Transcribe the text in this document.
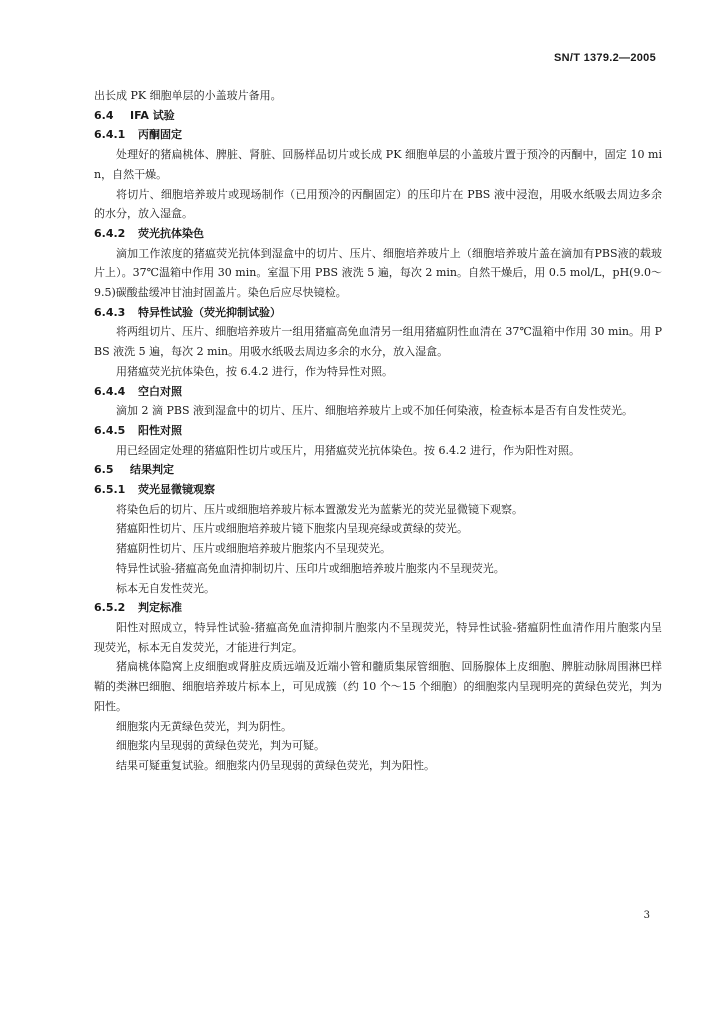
SN/T 1379.2—2005

出长成 PK 细胞单层的小盖玻片备用。

6.4 IFA 试验
6.4.1 丙酮固定

处理好的猪扁桃体、脾脏、肾脏、回肠样品切片或长成 PK 细胞单层的小盖玻片置于预冷的丙酮中，固定 10 min，自然干燥。

将切片、细胞培养玻片或现场制作（已用预冷的丙酮固定）的压印片在 PBS 液中浸泡，用吸水纸吸去周边多余的水分，放入湿盒。

6.4.2 荧光抗体染色

滴加工作浓度的猪瘟荧光抗体到湿盒中的切片、压片、细胞培养玻片上（细胞培养玻片盖在滴加有PBS液的载玻片上）。37℃温箱中作用 30 min。室温下用 PBS 液洗 5 遍，每次 2 min。自然干燥后，用 0.5 mol/L，pH(9.0～9.5)碳酸盐缓冲甘油封固盖片。染色后应尽快镜检。

6.4.3 特异性试验（荧光抑制试验）

将两组切片、压片、细胞培养玻片一组用猪瘟高免血清另一组用猪瘟阴性血清在 37℃温箱中作用 30 min。用 PBS 液洗 5 遍，每次 2 min。用吸水纸吸去周边多余的水分，放入湿盒。

用猪瘟荧光抗体染色，按 6.4.2 进行，作为特异性对照。

6.4.4 空白对照

滴加 2 滴 PBS 液到湿盒中的切片、压片、细胞培养玻片上或不加任何染液，检查标本是否有自发性荧光。

6.4.5 阳性对照

用已经固定处理的猪瘟阳性切片或压片，用猪瘟荧光抗体染色。按 6.4.2 进行，作为阳性对照。

6.5 结果判定
6.5.1 荧光显微镜观察

将染色后的切片、压片或细胞培养玻片标本置激发光为蓝紫光的荧光显微镜下观察。

猪瘟阳性切片、压片或细胞培养玻片镜下胞浆内呈现亮绿或黄绿的荧光。

猪瘟阴性切片、压片或细胞培养玻片胞浆内不呈现荧光。

特异性试验-猪瘟高免血清抑制切片、压印片或细胞培养玻片胞浆内不呈现荧光。

标本无自发性荧光。

6.5.2 判定标准

阳性对照成立，特异性试验-猪瘟高免血清抑制片胞浆内不呈现荧光，特异性试验-猪瘟阴性血清作用片胞浆内呈现荧光，标本无自发荧光，才能进行判定。

猪扁桃体隐窝上皮细胞或肾脏皮质远端及近端小管和髓质集尿管细胞、回肠腺体上皮细胞、脾脏动脉周围淋巴样鞘的类淋巴细胞、细胞培养玻片标本上，可见成簇（约 10 个～15 个细胞）的细胞浆内呈现明亮的黄绿色荧光，判为阳性。

细胞浆内无黄绿色荧光，判为阴性。

细胞浆内呈现弱的黄绿色荧光，判为可疑。

结果可疑重复试验。细胞浆内仍呈现弱的黄绿色荧光，判为阳性。

3
